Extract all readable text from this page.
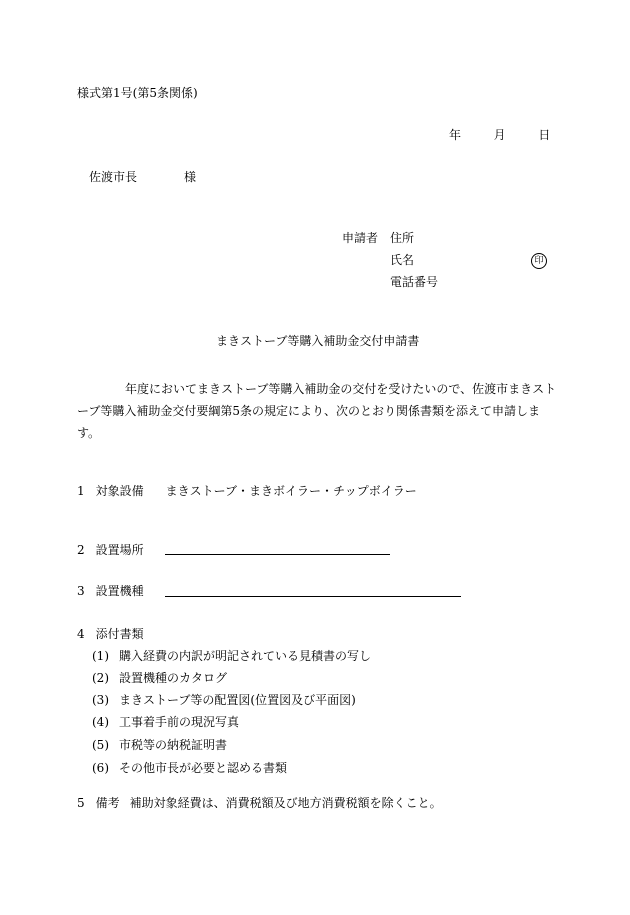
様式第1号(第5条関係)
年	月	日
佐渡市長	様
申請者 住所
氏名	印
電話番号
まきストーブ等購入補助金交付申請書
年度においてまきストーブ等購入補助金の交付を受けたいので、佐渡市まきストーブ等購入補助金交付要綱第5条の規定により、次のとおり関係書類を添えて申請します。
1 対象設備 まきストーブ・まきボイラー・チップボイラー
2 設置場所
3 設置機種
4 添付書類
(1) 購入経費の内訳が明記されている見積書の写し
(2) 設置機種のカタログ
(3) まきストーブ等の配置図(位置図及び平面図)
(4) 工事着手前の現況写真
(5) 市税等の納税証明書
(6) その他市長が必要と認める書類
5 備考 補助対象経費は、消費税額及び地方消費税額を除くこと。
